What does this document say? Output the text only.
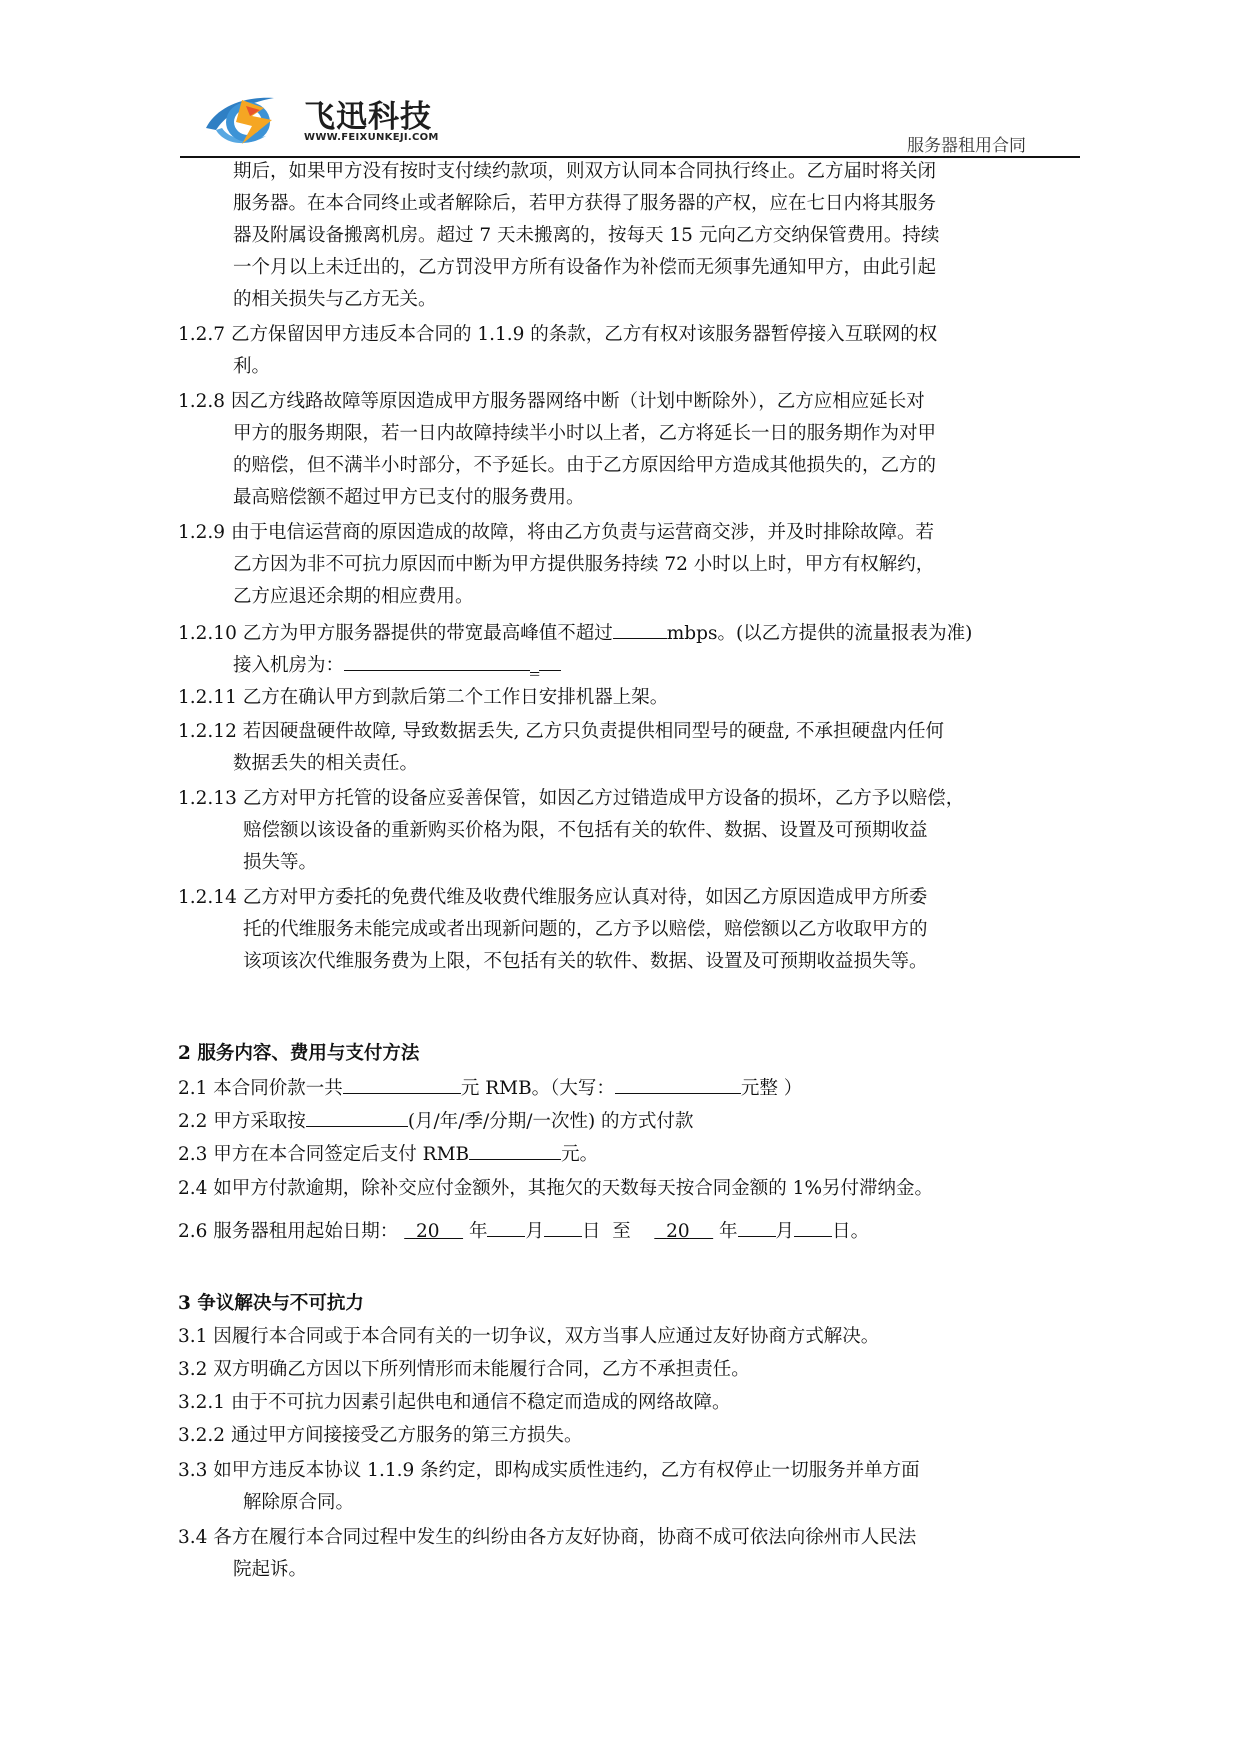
飞迅科技
WWW.FEIXUNKEJI.COM	服务器租用合同
期后，如果甲方没有按时支付续约款项，则双方认同本合同执行终止。乙方届时将关闭
服务器。在本合同终止或者解除后，若甲方获得了服务器的产权，应在七日内将其服务
器及附属设备搬离机房。超过 7 天未搬离的，按每天 15 元向乙方交纳保管费用。持续
一个月以上未迁出的，乙方罚没甲方所有设备作为补偿而无须事先通知甲方，由此引起
的相关损失与乙方无关。
1.2.7 乙方保留因甲方违反本合同的 1.1.9 的条款，乙方有权对该服务器暂停接入互联网的权
利。
1.2.8 因乙方线路故障等原因造成甲方服务器网络中断（计划中断除外），乙方应相应延长对
甲方的服务期限，若一日内故障持续半小时以上者，乙方将延长一日的服务期作为对甲
的赔偿，但不满半小时部分，不予延长。由于乙方原因给甲方造成其他损失的，乙方的
最高赔偿额不超过甲方已支付的服务费用。
1.2.9 由于电信运营商的原因造成的故障，将由乙方负责与运营商交涉，并及时排除故障。若
乙方因为非不可抗力原因而中断为甲方提供服务持续 72 小时以上时，甲方有权解约，
乙方应退还余期的相应费用。
1.2.10 乙方为甲方服务器提供的带宽最高峰值不超过	mbps。(以乙方提供的流量报表为准)
接入机房为：	_
1.2.11 乙方在确认甲方到款后第二个工作日安排机器上架。
1.2.12 若因硬盘硬件故障, 导致数据丢失, 乙方只负责提供相同型号的硬盘, 不承担硬盘内任何
数据丢失的相关责任。
1.2.13 乙方对甲方托管的设备应妥善保管，如因乙方过错造成甲方设备的损坏，乙方予以赔偿，
赔偿额以该设备的重新购买价格为限，不包括有关的软件、数据、设置及可预期收益
损失等。
1.2.14 乙方对甲方委托的免费代维及收费代维服务应认真对待，如因乙方原因造成甲方所委
托的代维服务未能完成或者出现新问题的，乙方予以赔偿，赔偿额以乙方收取甲方的
该项该次代维服务费为上限，不包括有关的软件、数据、设置及可预期收益损失等。
2 服务内容、费用与支付方法
2.1 本合同价款一共	元 RMB。（大写：	元整 ）
2.2 甲方采取按	(月/年/季/分期/一次性) 的方式付款
2.3 甲方在本合同签定后支付 RMB	元。
2.4 如甲方付款逾期，除补交应付金额外，其拖欠的天数每天按合同金额的 1%另付滞纳金。
2.6 服务器租用起始日期： 20 年 月 日 至 20 年 月 日。
3 争议解决与不可抗力
3.1 因履行本合同或于本合同有关的一切争议，双方当事人应通过友好协商方式解决。
3.2 双方明确乙方因以下所列情形而未能履行合同，乙方不承担责任。
3.2.1 由于不可抗力因素引起供电和通信不稳定而造成的网络故障。
3.2.2 通过甲方间接接受乙方服务的第三方损失。
3.3 如甲方违反本协议 1.1.9 条约定，即构成实质性违约，乙方有权停止一切服务并单方面
解除原合同。
3.4 各方在履行本合同过程中发生的纠纷由各方友好协商，协商不成可依法向徐州市人民法
院起诉。
